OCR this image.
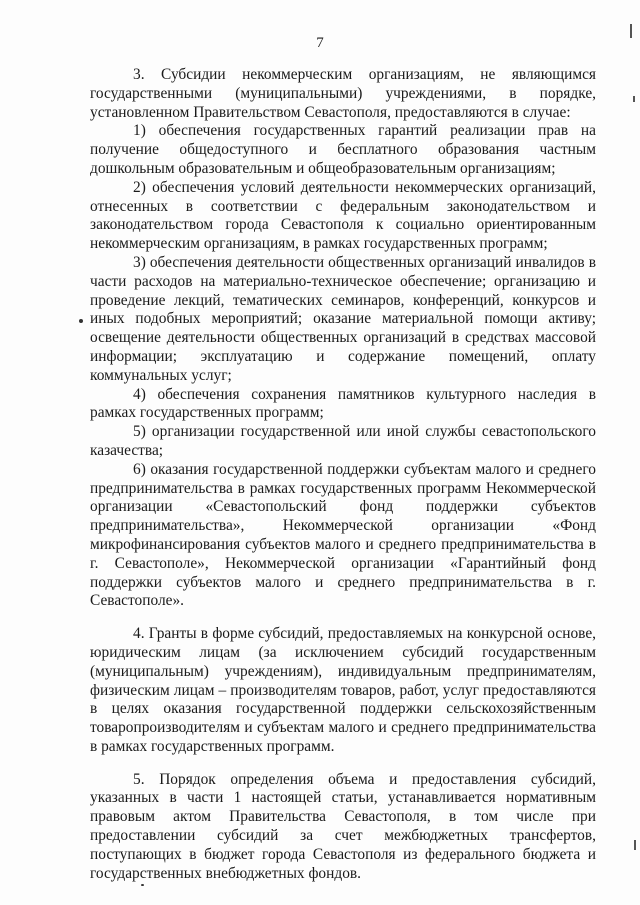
7

3. Субсидии некоммерческим организациям, не являющимся государственными (муниципальными) учреждениями, в порядке, установленном Правительством Севастополя, предоставляются в случае:

1) обеспечения государственных гарантий реализации прав на получение общедоступного и бесплатного образования частным дошкольным образовательным и общеобразовательным организациям;

2) обеспечения условий деятельности некоммерческих организаций, отнесенных в соответствии с федеральным законодательством и законодательством города Севастополя к социально ориентированным некоммерческим организациям, в рамках государственных программ;

3) обеспечения деятельности общественных организаций инвалидов в части расходов на материально-техническое обеспечение; организацию и проведение лекций, тематических семинаров, конференций, конкурсов и иных подобных мероприятий; оказание материальной помощи активу; освещение деятельности общественных организаций в средствах массовой информации; эксплуатацию и содержание помещений, оплату коммунальных услуг;

4) обеспечения сохранения памятников культурного наследия в рамках государственных программ;

5) организации государственной или иной службы севастопольского казачества;

6) оказания государственной поддержки субъектам малого и среднего предпринимательства в рамках государственных программ Некоммерческой организации «Севастопольский фонд поддержки субъектов предпринимательства», Некоммерческой организации «Фонд микрофинансирования субъектов малого и среднего предпринимательства в г. Севастополе», Некоммерческой организации «Гарантийный фонд поддержки субъектов малого и среднего предпринимательства в г. Севастополе».

4. Гранты в форме субсидий, предоставляемых на конкурсной основе, юридическим лицам (за исключением субсидий государственным (муниципальным) учреждениям), индивидуальным предпринимателям, физическим лицам – производителям товаров, работ, услуг предоставляются в целях оказания государственной поддержки сельскохозяйственным товаропроизводителям и субъектам малого и среднего предпринимательства в рамках государственных программ.

5. Порядок определения объема и предоставления субсидий, указанных в части 1 настоящей статьи, устанавливается нормативным правовым актом Правительства Севастополя, в том числе при предоставлении субсидий за счет межбюджетных трансфертов, поступающих в бюджет города Севастополя из федерального бюджета и государственных внебюджетных фондов.
